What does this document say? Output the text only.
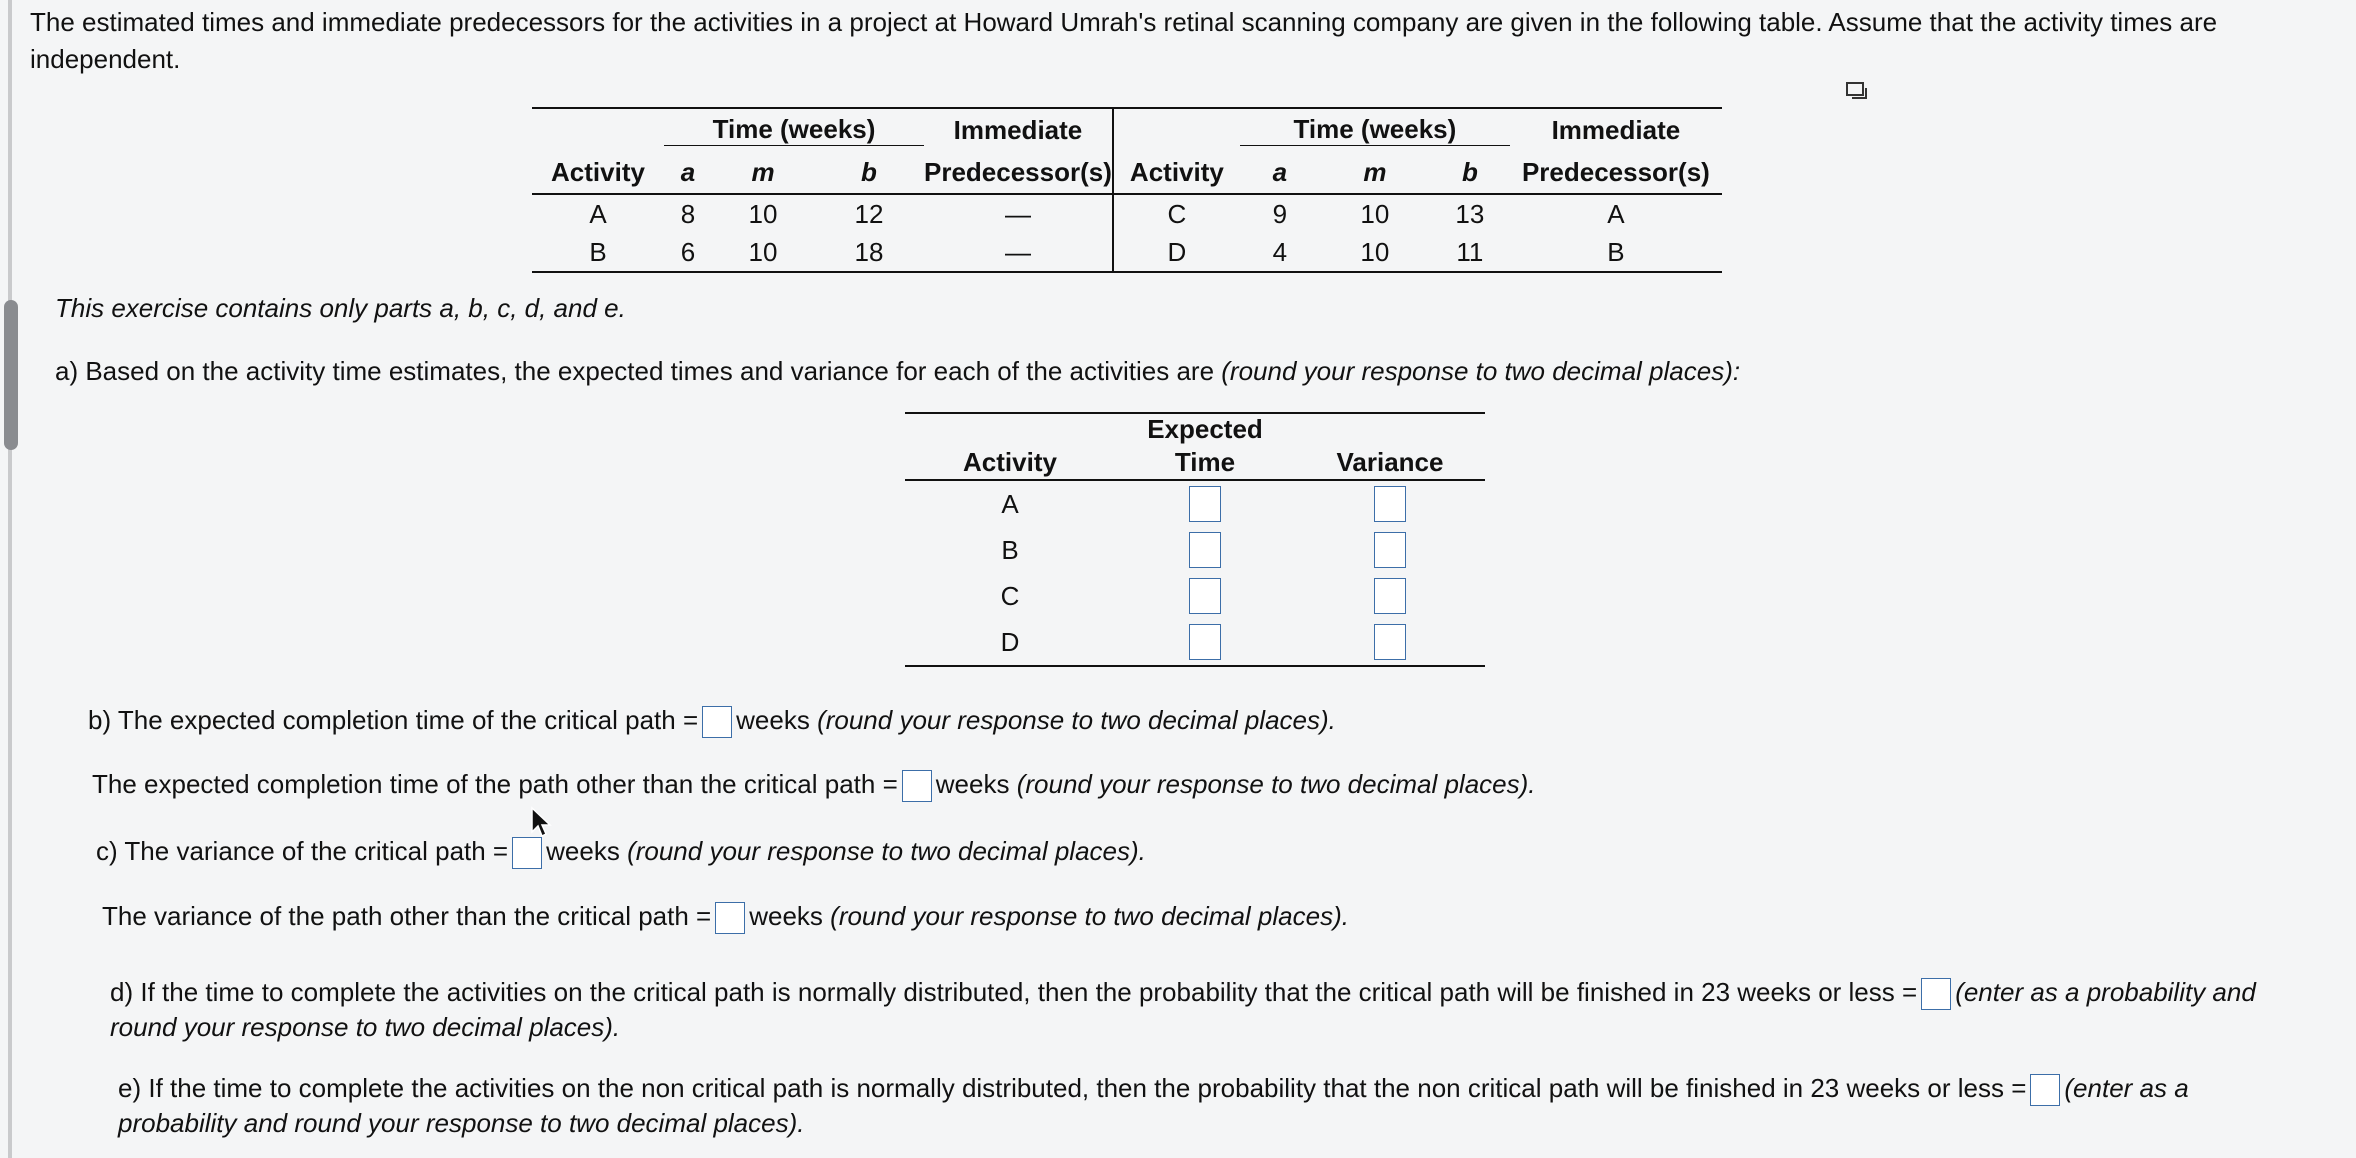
The estimated times and immediate predecessors for the activities in a project at Howard Umrah's retinal scanning company are given in the following table. Assume that the activity times are independent.
	Time (weeks)			Immediate		Time (weeks)			Immediate
Activity	a	m	b	Predecessor(s)	Activity	a	m	b	Predecessor(s)
A	8	10	12	—	C	9	10	13	A
B	6	10	18	—	D	4	10	11	B
This exercise contains only parts a, b, c, d, and e.
a) Based on the activity time estimates, the expected times and variance for each of the activities are (round your response to two decimal places):
	Expected	
Activity	Time	Variance
A		
B		
C		
D		
b) The expected completion time of the critical path = weeks (round your response to two decimal places).
The expected completion time of the path other than the critical path = weeks (round your response to two decimal places).
c) The variance of the critical path = weeks (round your response to two decimal places).
The variance of the path other than the critical path = weeks (round your response to two decimal places).
d) If the time to complete the activities on the critical path is normally distributed, then the probability that the critical path will be finished in 23 weeks or less = (enter as a probability and round your response to two decimal places).
e) If the time to complete the activities on the non critical path is normally distributed, then the probability that the non critical path will be finished in 23 weeks or less = (enter as a probability and round your response to two decimal places).
